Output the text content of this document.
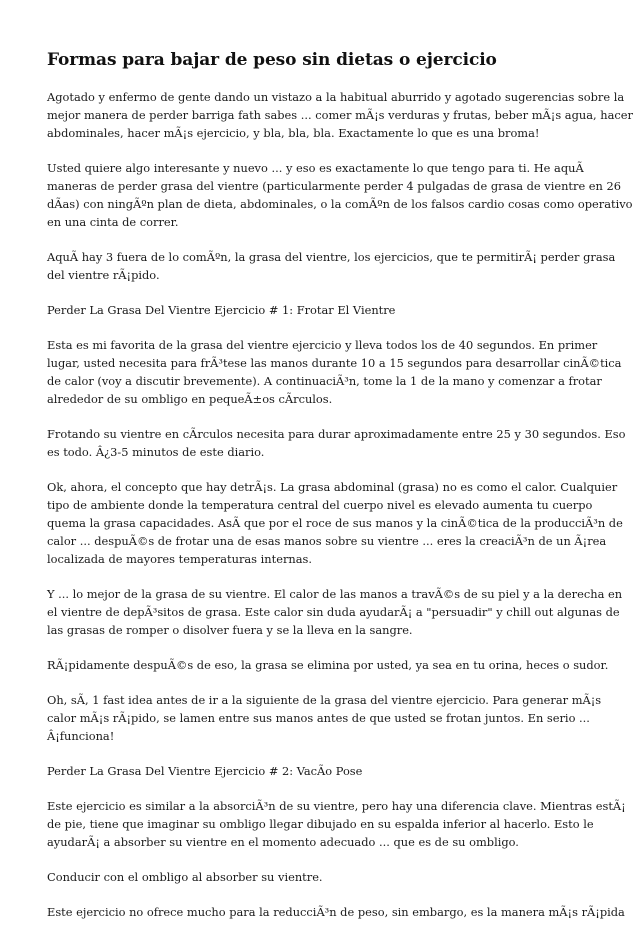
Formas para bajar de peso sin dietas o ejercicio

Agotado y enfermo de gente dando un vistazo a la habitual aburrido y agotado sugerencias sobre la
mejor manera de perder barriga fath sabes ... comer mÃ¡s verduras y frutas, beber mÃ¡s agua, hacer
abdominales, hacer mÃ¡s ejercicio, y bla, bla, bla. Exactamente lo que es una broma!

Usted quiere algo interesante y nuevo ... y eso es exactamente lo que tengo para ti. He aquÃ
maneras de perder grasa del vientre (particularmente perder 4 pulgadas de grasa de vientre en 26
dÃas) con ningÃºn plan de dieta, abdominales, o la comÃºn de los falsos cardio cosas como operativo
en una cinta de correr.

AquÃ hay 3 fuera de lo comÃºn, la grasa del vientre, los ejercicios, que te permitirÃ¡ perder grasa
del vientre rÃ¡pido.

Perder La Grasa Del Vientre Ejercicio # 1: Frotar El Vientre

Esta es mi favorita de la grasa del vientre ejercicio y lleva todos los de 40 segundos. En primer
lugar, usted necesita para frÃ³tese las manos durante 10 a 15 segundos para desarrollar cinÃ©tica
de calor (voy a discutir brevemente). A continuaciÃ³n, tome la 1 de la mano y comenzar a frotar
alrededor de su ombligo en pequeÃ±os cÃrculos.

Frotando su vientre en cÃrculos necesita para durar aproximadamente entre 25 y 30 segundos. Eso
es todo. Â¿3-5 minutos de este diario.

Ok, ahora, el concepto que hay detrÃ¡s. La grasa abdominal (grasa) no es como el calor. Cualquier
tipo de ambiente donde la temperatura central del cuerpo nivel es elevado aumenta tu cuerpo
quema la grasa capacidades. AsÃ que por el roce de sus manos y la cinÃ©tica de la producciÃ³n de
calor ... despuÃ©s de frotar una de esas manos sobre su vientre ... eres la creaciÃ³n de un Ã¡rea
localizada de mayores temperaturas internas.

Y ... lo mejor de la grasa de su vientre. El calor de las manos a travÃ©s de su piel y a la derecha en
el vientre de depÃ³sitos de grasa. Este calor sin duda ayudarÃ¡ a "persuadir" y chill out algunas de
las grasas de romper o disolver fuera y se la lleva en la sangre.

RÃ¡pidamente despuÃ©s de eso, la grasa se elimina por usted, ya sea en tu orina, heces o sudor.

Oh, sÃ, 1 fast idea antes de ir a la siguiente de la grasa del vientre ejercicio. Para generar mÃ¡s
calor mÃ¡s rÃ¡pido, se lamen entre sus manos antes de que usted se frotan juntos. En serio ...
Â¡funciona!

Perder La Grasa Del Vientre Ejercicio # 2: VacÃo Pose

Este ejercicio es similar a la absorciÃ³n de su vientre, pero hay una diferencia clave. Mientras estÃ¡
de pie, tiene que imaginar su ombligo llegar dibujado en su espalda inferior al hacerlo. Esto le
ayudarÃ¡ a absorber su vientre en el momento adecuado ... que es de su ombligo.

Conducir con el ombligo al absorber su vientre.

Este ejercicio no ofrece mucho para la reducciÃ³n de peso, sin embargo, es la manera mÃ¡s rÃ¡pida
